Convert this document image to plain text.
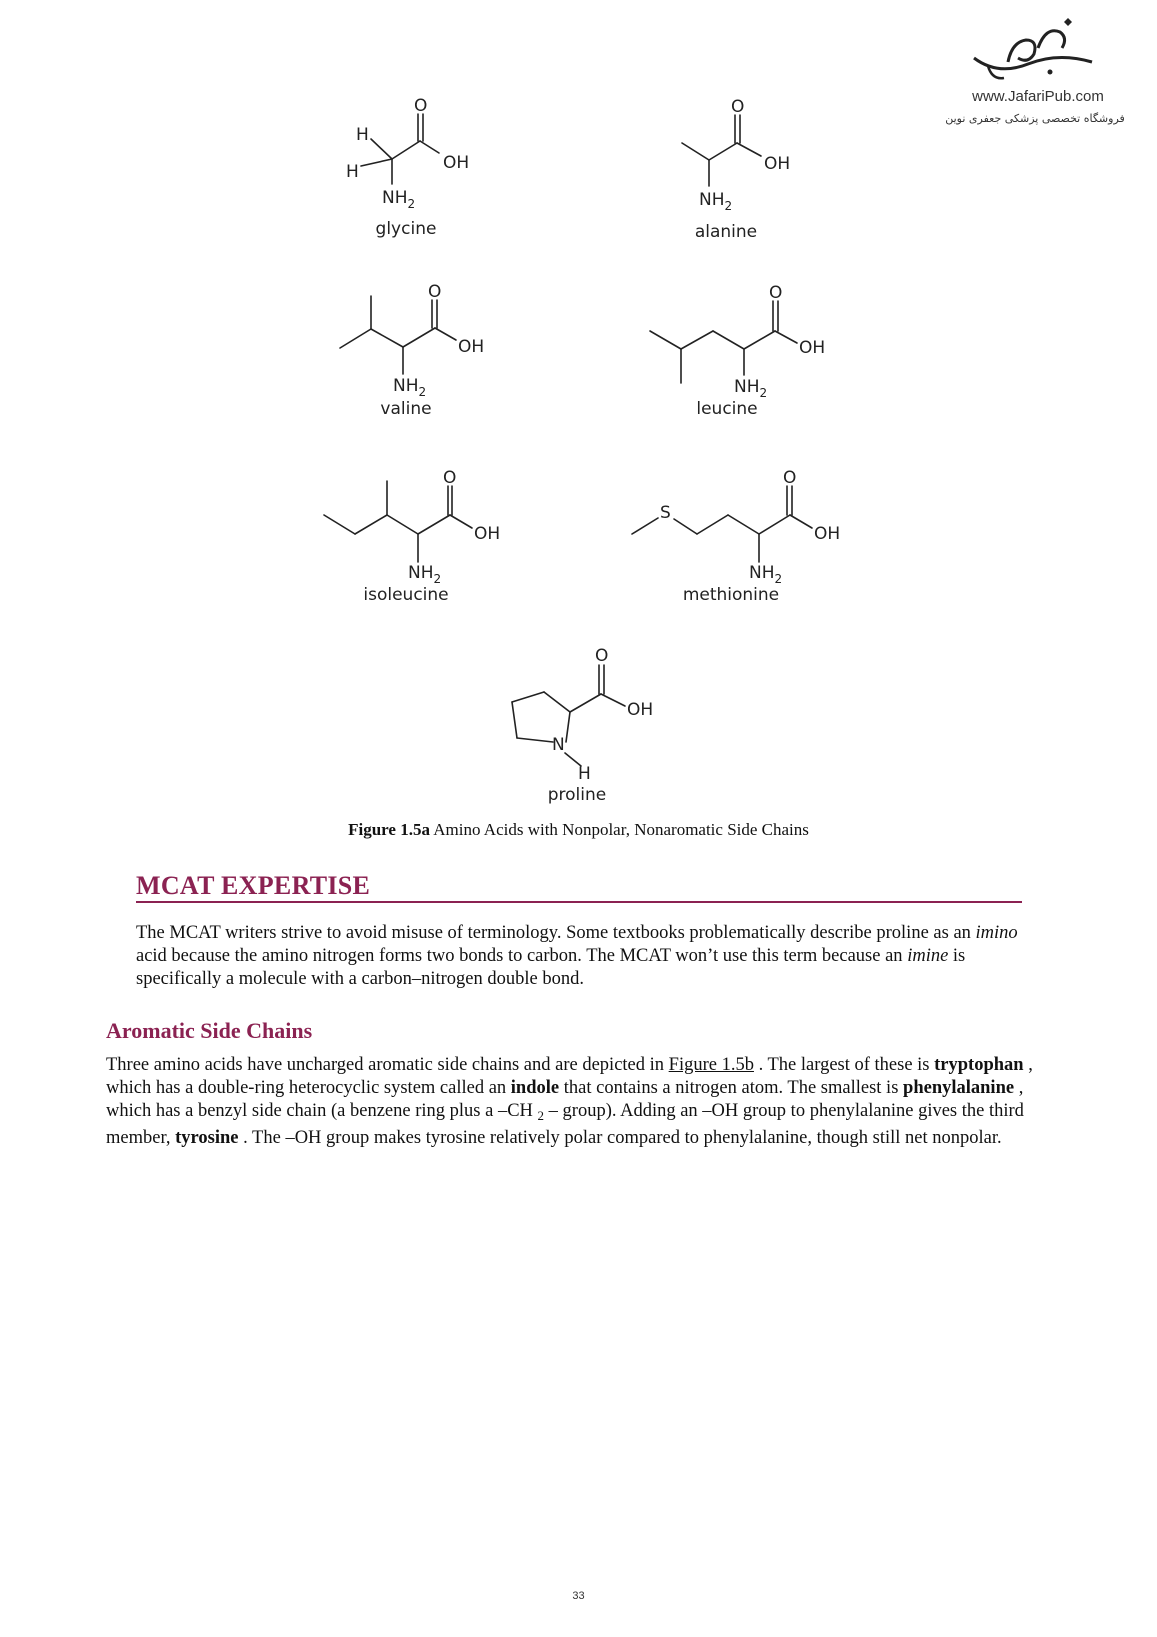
www.JafariPub.com
فروشگاه تخصصی پزشکی جعفری نوین
O
OH
H
H
$NH_2$
glycine
O
OH
$NH_2$
alanine
O
OH
$NH_2$
valine
O
OH
$NH_2$
leucine
O
OH
$NH_2$
isoleucine
S
O
OH
$NH_2$
methionine
O
OH
N
H
proline
Figure 1.5a Amino Acids with Nonpolar, Nonaromatic Side Chains
MCAT EXPERTISE
The MCAT writers strive to avoid misuse of terminology. Some textbooks problematically describe proline as an imino acid because the amino nitrogen forms two bonds to carbon. The MCAT won’t use this term because an imine is specifically a molecule with a carbon–nitrogen double bond.
Aromatic Side Chains
Three amino acids have uncharged aromatic side chains and are depicted in Figure 1.5b . The largest of these is tryptophan , which has a double-ring heterocyclic system called an indole that contains a nitrogen atom. The smallest is phenylalanine , which has a benzyl side chain (a benzene ring plus a –CH $_2$ – group). Adding an –OH group to phenylalanine gives the third member, tyrosine . The –OH group makes tyrosine relatively polar compared to phenylalanine, though still net nonpolar.
33
